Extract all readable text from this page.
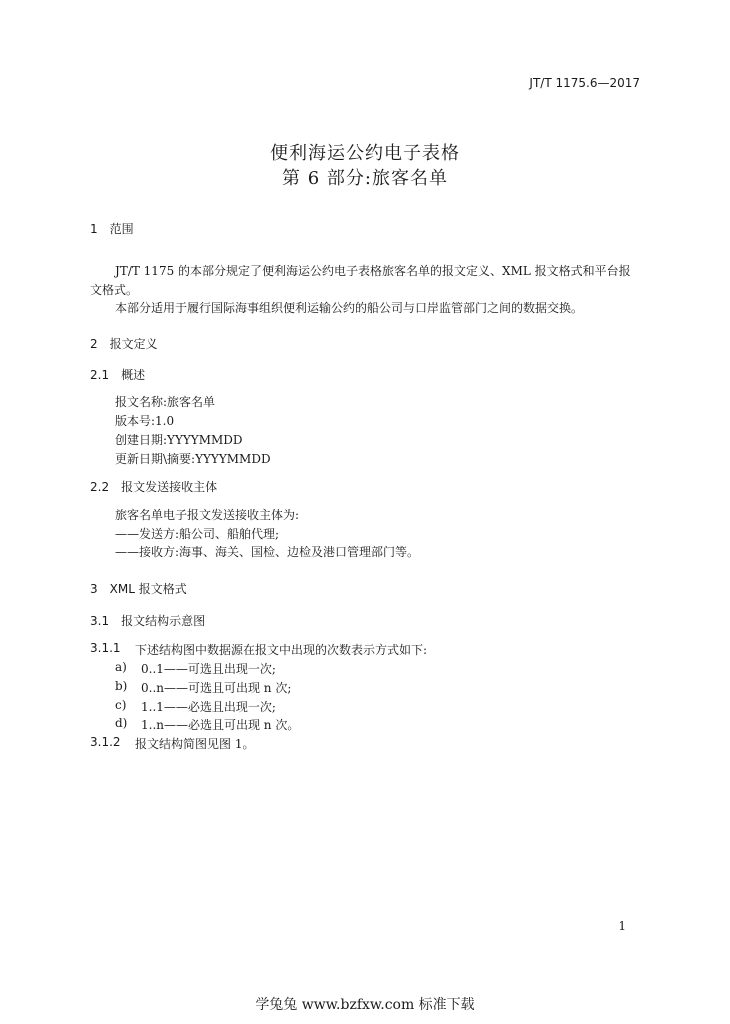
JT/T 1175.6—2017
便利海运公约电子表格
第 6 部分:旅客名单
1　范围
JT/T 1175 的本部分规定了便利海运公约电子表格旅客名单的报文定义、XML 报文格式和平台报
文格式。
本部分适用于履行国际海事组织便利运输公约的船公司与口岸监管部门之间的数据交换。
2　报文定义
2.1　概述
报文名称:旅客名单
版本号:1.0
创建日期:YYYYMMDD
更新日期\摘要:YYYYMMDD
2.2　报文发送接收主体
旅客名单电子报文发送接收主体为:
——发送方:船公司、船舶代理;
——接收方:海事、海关、国检、边检及港口管理部门等。
3　XML 报文格式
3.1　报文结构示意图
3.1.1 下述结构图中数据源在报文中出现的次数表示方式如下:
a) 0..1——可选且出现一次;
b) 0..n——可选且可出现 n 次;
c) 1..1——必选且出现一次;
d) 1..n——必选且可出现 n 次。
3.1.2 报文结构简图见图 1。
1
学兔兔 www.bzfxw.com 标准下载
